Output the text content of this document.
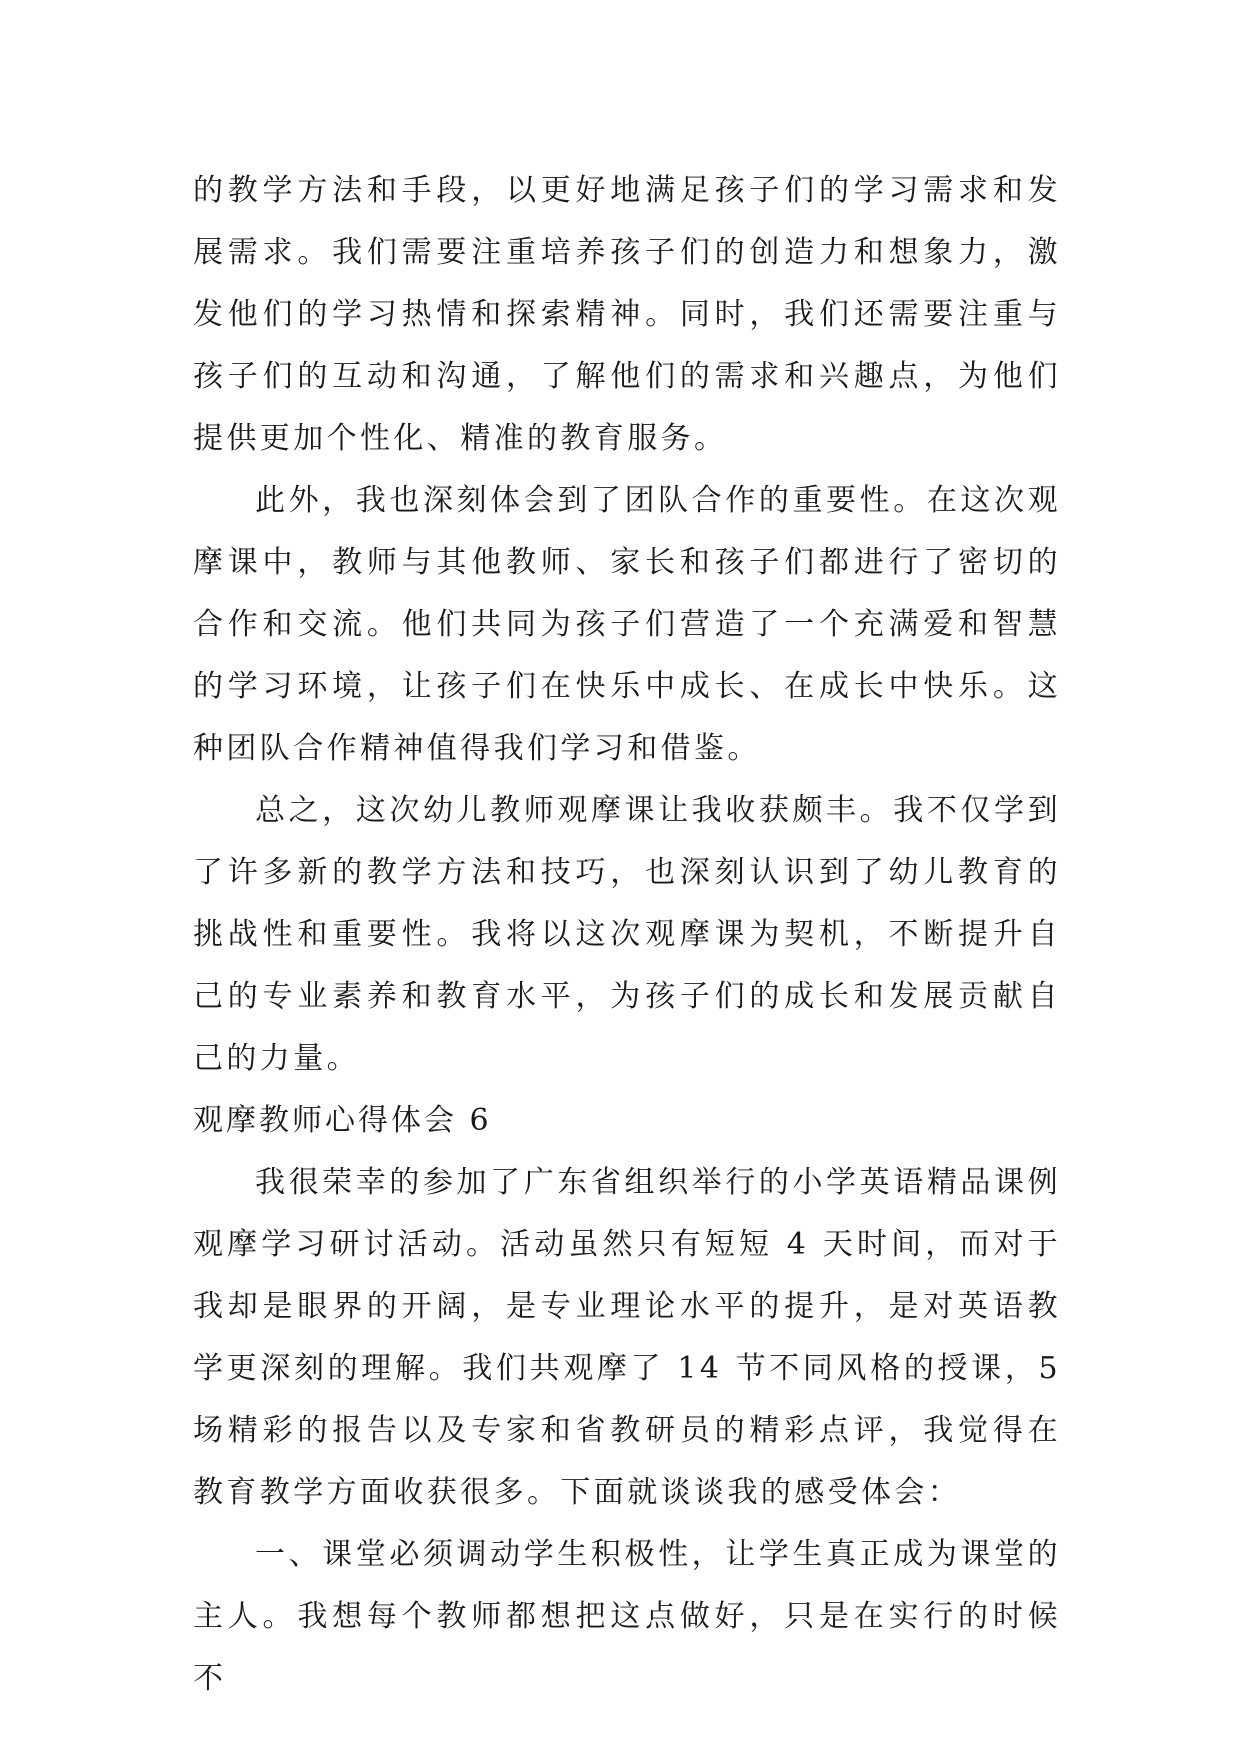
的教学方法和手段，以更好地满足孩子们的学习需求和发展需求。我们需要注重培养孩子们的创造力和想象力，激发他们的学习热情和探索精神。同时，我们还需要注重与孩子们的互动和沟通，了解他们的需求和兴趣点，为他们提供更加个性化、精准的教育服务。

此外，我也深刻体会到了团队合作的重要性。在这次观摩课中，教师与其他教师、家长和孩子们都进行了密切的合作和交流。他们共同为孩子们营造了一个充满爱和智慧的学习环境，让孩子们在快乐中成长、在成长中快乐。这种团队合作精神值得我们学习和借鉴。

总之，这次幼儿教师观摩课让我收获颇丰。我不仅学到了许多新的教学方法和技巧，也深刻认识到了幼儿教育的挑战性和重要性。我将以这次观摩课为契机，不断提升自己的专业素养和教育水平，为孩子们的成长和发展贡献自己的力量。

观摩教师心得体会 6

我很荣幸的参加了广东省组织举行的小学英语精品课例观摩学习研讨活动。活动虽然只有短短 4 天时间，而对于我却是眼界的开阔，是专业理论水平的提升，是对英语教学更深刻的理解。我们共观摩了 14 节不同风格的授课，5 场精彩的报告以及专家和省教研员的精彩点评，我觉得在教育教学方面收获很多。下面就谈谈我的感受体会：

一、课堂必须调动学生积极性，让学生真正成为课堂的主人。我想每个教师都想把这点做好，只是在实行的时候不
